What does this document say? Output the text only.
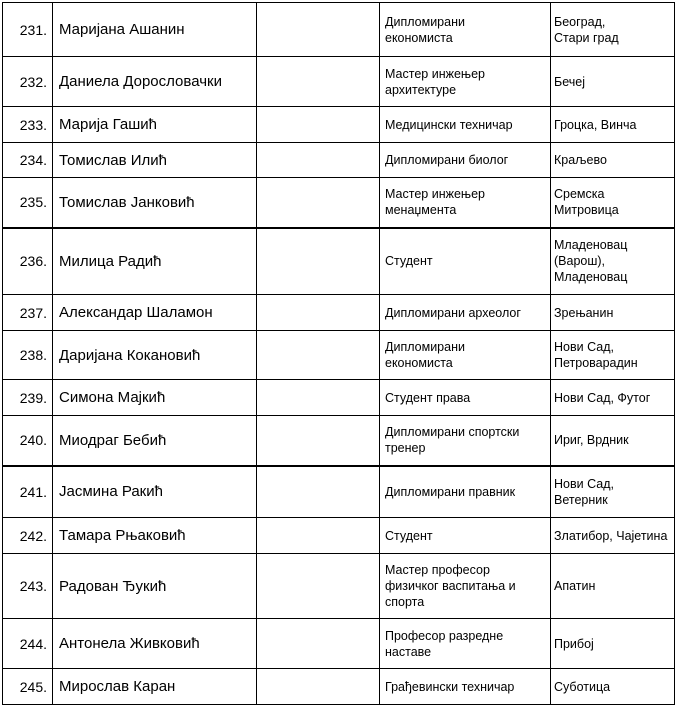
231.	Маријана Ашанин		Дипломирани
економиста	Београд,
Стари град
232.	Даниела Дорословачки		Мастер инжењер
архитектуре	Бечеј
233.	Марија Гашић		Медицински техничар	Гроцка, Винча
234.	Томислав Илић		Дипломирани биолог	Краљево
235.	Томислав Јанковић		Мастер инжењер
менаџмента	Сремска
Митровица
236.	Милица Радић		Студент	Младеновац
(Варош),
Младеновац
237.	Александар Шаламон		Дипломирани археолог	Зрењанин
238.	Даријана Кокановић		Дипломирани
економиста	Нови Сад,
Петроварадин
239.	Симона Мајкић		Студент права	Нови Сад, Футог
240.	Миодраг Бебић		Дипломирани спортски
тренер	Ириг, Врдник
241.	Јасмина Ракић		Дипломирани правник	Нови Сад,
Ветерник
242.	Тамара Рњаковић		Студент	Златибор, Чајетина
243.	Радован Ђукић		Мастер професор
физичког васпитања и
спорта	Апатин
244.	Антонела Живковић		Професор разредне
наставе	Прибој
245.	Мирослав Каран		Грађевински техничар	Суботица
